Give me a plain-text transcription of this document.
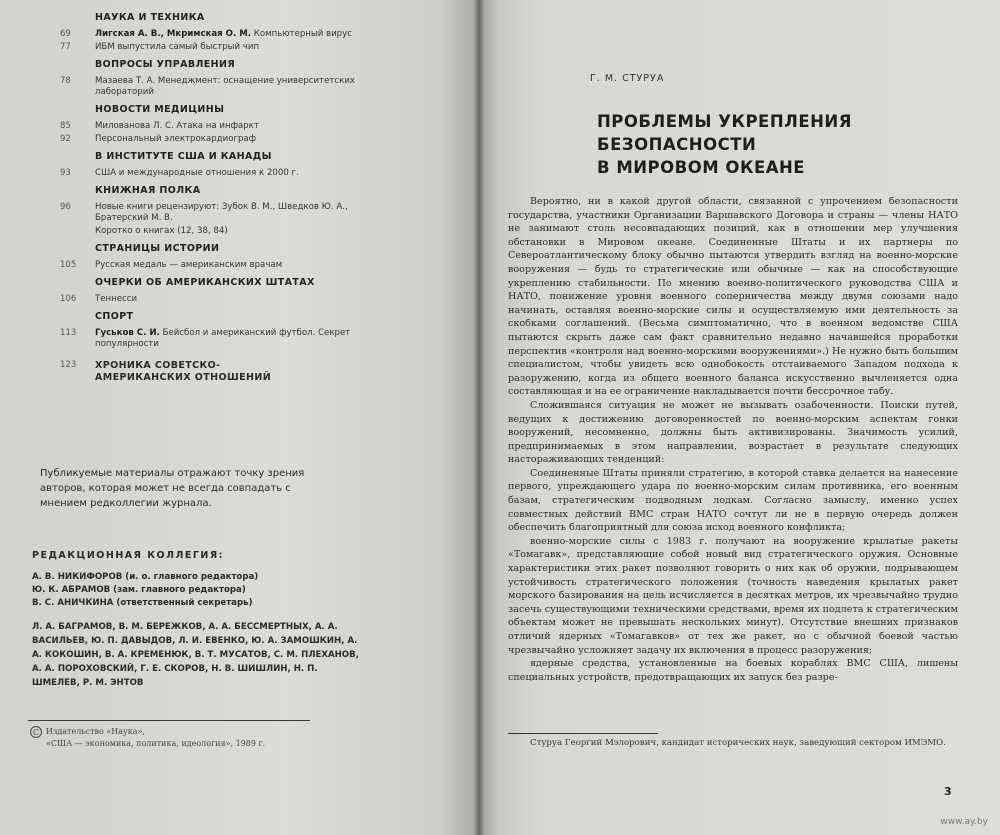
НАУКА И ТЕХНИКА
69	Лигская А. В., Мкримская О. М. Компьютерный вирус
77	ИБМ выпустила самый быстрый чип
ВОПРОСЫ УПРАВЛЕНИЯ
78	Мазаева Т. А. Менеджмент: оснащение университетских лабораторий
НОВОСТИ МЕДИЦИНЫ
85	Милованова Л. С. Атака на инфаркт
92	Персональный электрокардиограф
В ИНСТИТУТЕ США И КАНАДЫ
93	США и международные отношения к 2000 г.
КНИЖНАЯ ПОЛКА
96	Новые книги рецензируют: Зубок В. М., Шведков Ю. А., Братерский М. В.
Коротко о книгах (12, 38, 84)
СТРАНИЦЫ ИСТОРИИ
105	Русская медаль — американским врачам
ОЧЕРКИ ОБ АМЕРИКАНСКИХ ШТАТАХ
106	Теннесси
СПОРТ
113	Гуськов С. И. Бейсбол и американский футбол. Секрет популярности
123	ХРОНИКА СОВЕТСКО-АМЕРИКАНСКИХ ОТНОШЕНИЙ
Публикуемые материалы отражают точку зрения авторов, которая может не всегда совпадать с мнением редколлегии журнала.
РЕДАКЦИОННАЯ КОЛЛЕГИЯ:
А. В. НИКИФОРОВ (и. о. главного редактора)
Ю. К. АБРАМОВ (зам. главного редактора)
В. С. АНИЧКИНА (ответственный секретарь)
Л. А. БАГРАМОВ, В. М. БЕРЕЖКОВ, А. А. БЕССМЕРТНЫХ, А. А. ВАСИЛЬЕВ, Ю. П. ДАВЫДОВ, Л. И. ЕВЕНКО, Ю. А. ЗАМОШКИН, А. А. КОКОШИН, В. А. КРЕМЕНЮК, В. Т. МУСАТОВ, С. М. ПЛЕХАНОВ, А. А. ПОРОХОВСКИЙ, Г. Е. СКОРОВ, Н. В. ШИШЛИН, Н. П. ШМЕЛЕВ, Р. М. ЭНТОВ
C Издательство «Наука»,
«США — экономика, политика, идеология», 1989 г.
Г. М. СТУРУА
ПРОБЛЕМЫ УКРЕПЛЕНИЯ
БЕЗОПАСНОСТИ
В МИРОВОМ ОКЕАНЕ

Вероятно, ни в какой другой области, связанной с упрочением безопасности государства, участники Организации Варшавского Договора и страны — члены НАТО не занимают столь несовпадающих позиций, как в отношении мер улучшения обстановки в Мировом океане. Соединенные Штаты и их партнеры по Североатлантическому блоку обычно пытаются утвердить взгляд на военно-морские вооружения — будь то стратегические или обычные — как на способствующие укреплению стабильности. По мнению военно-политического руководства США и НАТО, понижение уровня военного соперничества между двумя союзами надо начинать, оставляя военно-морские силы и осуществляемую ими деятельность за скобками соглашений. (Весьма симптоматично, что в военном ведомстве США пытаются скрыть даже сам факт сравнительно недавно начавшейся проработки перспектив «контроля над военно-морскими вооружениями».) Не нужно быть большим специалистом, чтобы увидеть всю однобокость отстаиваемого Западом подхода к разоружению, когда из общего военного баланса искусственно вычленяется одна составляющая и на ее ограничение накладывается почти бессрочное табу.

Сложившаяся ситуация не может не вызывать озабоченности. Поиски путей, ведущих к достижению договоренностей по военно-морским аспектам гонки вооружений, несомненно, должны быть активизированы. Значимость усилий, предпринимаемых в этом направлении, возрастает в результате следующих настораживающих тенденций:

Соединенные Штаты приняли стратегию, в которой ставка делается на нанесение первого, упреждающего удара по военно-морским силам противника, его военным базам, стратегическим подводным лодкам. Согласно замыслу, именно успех совместных действий ВМС стран НАТО сочтут ли не в первую очередь должен обеспечить благоприятный для союза исход военного конфликта;

военно-морские силы с 1983 г. получают на вооружение крылатые ракеты «Томагавк», представляющие собой новый вид стратегического оружия. Основные характеристики этих ракет позволяют говорить о них как об оружии, подрывающем устойчивость стратегического положения (точность наведения крылатых ракет морского базирования на цель исчисляется в десятках метров, их чрезвычайно трудно засечь существующими техническими средствами, время их подлета к стратегическим объектам может не превышать нескольких минут). Отсутствие внешних признаков отличий ядерных «Томагавков» от тех же ракет, но с обычной боевой частью чрезвычайно усложняет задачу их включения в процесс разоружения;

ядерные средства, установленные на боевых кораблях ВМС США, лишены специальных устройств, предотвращающих их запуск без разре-

Стуруа Георгий Мэлорович, кандидат исторических наук, заведующий сектором ИМЭМО.
3
www.ay.by
